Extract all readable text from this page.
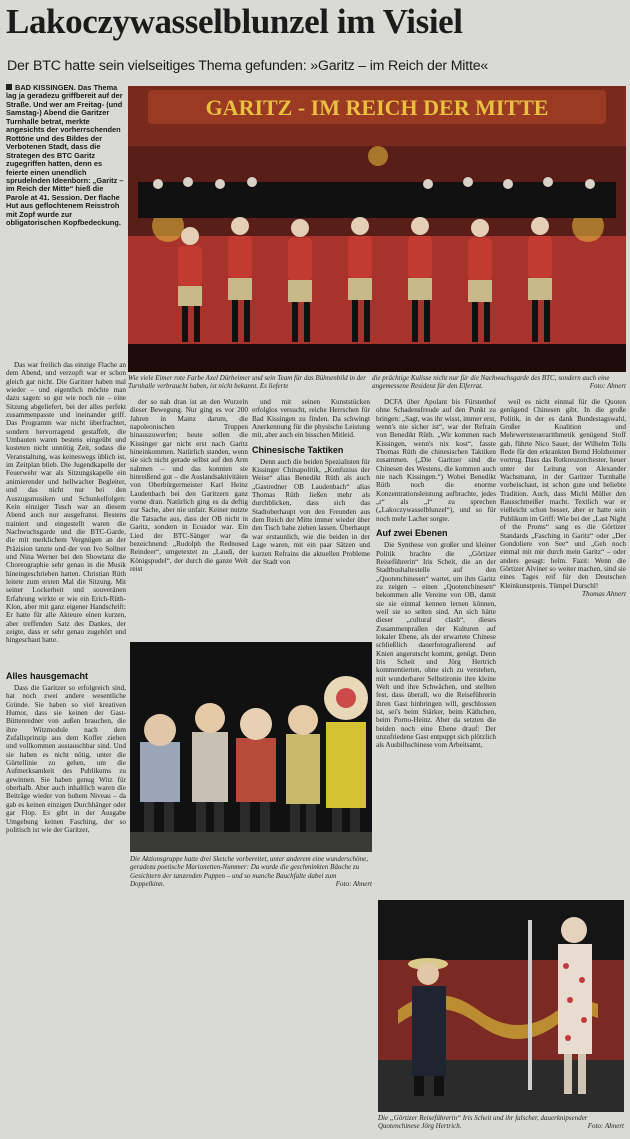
Lakoczywasselblunzel im Visiel
Der BTC hatte sein vielseitiges Thema gefunden: »Garitz – im Reich der Mitte«
BAD KISSINGEN. Das Thema lag ja geradezu griffbereit auf der Straße. Und wer am Freitag- (und Samstag-) Abend die Garitzer Turnhalle betrat, merkte angesichts der vorherrschenden Rottöne und des Bildes der Verbotenen Stadt, dass die Strategen des BTC Garitz zugegriffen hatten, denn es feierte einen unendlich sprudelnden Ideenborn: „Garitz – im Reich der Mitte“ hieß die Parole at 41. Session. Der flache Hut aus geflochtenem Reisstroh mit Zopf wurde zur obligatorischen Kopfbedeckung.
GARITZ - IM REICH DER MITTE
Wie viele Eimer rote Farbe Axel Dürheimer und sein Team für das Bühnenbild in der Turnhalle verbraucht haben, ist nicht bekannt. Es lieferte
die prächtige Kulisse nicht nur für die Nachwuchsgarde des BTC, sondern auch eine angemessene Residenz für den Elferrat.	Foto: Ahnert

Das war freilich das einzige Flache an dem Abend, und verzopft war er schon gleich gar nicht. Die Garitzer haben mal wieder – und eigentlich möchte man dazu sagen: so gut wie noch nie – eine Sitzung abgeliefert, bei der alles perfekt zusammenpasste und ineinander griff. Das Programm war nicht überfrachtet, sondern hervorragend gestaffelt, die Umbauten waren bestens eingeübt und kosteten nicht unnötig Zeit, sodass die Veranstaltung, was keineswegs üblich ist, im Zeitplan blieb. Die Jugendkapelle der Feuerwehr war als Sitzungskapelle ein animierender und hellwacher Begleiter, und das nicht nur bei den Auszugsmusiken und Schunkelfolgen: Kein einziger Tusch war an diesem Abend auch nur ausgefranst. Bestens trainiert und eingestellt waren die Nachwuchsgarde und die BTC-Garde, die mit merklichem Vergnügen an der Präzision tanzte und der von Ivo Sollner und Nina Werner bei den Showtanz die Choreographie sehr genau in die Musik hineingeschrieben hatten. Christian Rüth leitete zum ersten Mal die Sitzung. Mit seiner Lockerheit und souveränen Erfahrung wirkte er wie ein Erich-Rüth-Klon, aber mit ganz eigener Handschrift: Er hatte für alle Akteure einen kurzen, aber treffenden Satz des Dankes, der zeigte, dass er sehr genau zugehört und hingeschaut hatte.

Alles hausgemacht

Dass die Garitzer so erfolgreich sind, hat noch zwei andere wesentliche Gründe. Sie haben so viel kreativen Humor, dass sie keinen der Gast-Büttenredner von außen brauchen, die ihre Witzmodule nach dem Zufallsprinzip aus dem Koffer ziehen und vollkommen austauschbar sind. Und sie haben es nicht nötig, unter die Gürtellinie zu gehen, um die Aufmerksamkeit des Publikums zu gewinnen. Sie haben genug Witz für oberhalb. Aber auch inhaltlich waren die Beiträge wieder von hohem Niveau – da gab es keinen einzigen Durchhänger oder gar Flop. Es gibt in der Ausgabe Umgebung keinen Fasching, der so politisch ist wie der Garitzer,

der so nah dran ist an den Wurzeln dieser Bewegung. Nur ging es vor 200 Jahren in Mainz darum, die napoleonischen Truppen hinauszuwerfen; heute sollen die Kissinger gar nicht erst nach Garitz hineinkommen. Natürlich standen, wenn sie sich nicht gerade selbst auf den Arm nahmen – und das konnten sie hinreißend gut – die Auslandsaktivitäten von Oberbürgermeister Karl Heinz Laudenbach bei den Garitzern ganz vorne dran. Natürlich ging es da deftig zur Sache, aber nie unfair. Keiner nutzte die Tatsache aus, dass der OB nicht in Garitz, sondern in Ecuador war. Ein Lied der BTC-Sänger war da bezeichnend: „Rudolph the Rednosed Reindeer“, umgetextet zu „Laudi, der Königspudel“, der durch die ganze Welt reist

und mit seinen Kunststücken erfolglos versucht, reiche Herrschen für Bad Kissingen zu finden. Da schwingt Anerkennung für die physische Leistung mit, aber auch ein bisschen Mitleid.

Chinesische Taktiken

Denn auch die beiden Spezialisten für Kissinger Chinapolitik, „Konfuzius der Weise“ alias Benedikt Rüth als auch „Gastredner OB Laudenbach“ alias Thomas Rüth ließen mehr als durchblicken, dass sich das Stadtoberhaupt von den Freunden aus dem Reich der Mitte immer wieder über den Tisch habe ziehen lassen. Überhaupt war erstaunlich, wie die beiden in der Lage waren, mit ein paar Sätzen und kurzen Refrains die aktuellen Probleme der Stadt von

Die Aktionsgruppe hatte drei Sketche vorbereitet, unter anderem eine wunderschöne, geradezu poetische Marionetten-Nummer: Da wurde die geschminkten Bäuche zu Gesichtern der tanzenden Puppen – und so manche Bauchfalte dabei zum Doppelkinn.	Foto: Ahnert

DCFA über Apolant bis Fürstenhof ohne Schadensfreude auf den Punkt zu bringen: „Sagt, was ihr wisst, immer erst, wenn's nie sicher ist“, war der Refrain von Benedikt Rüth. „Wir kommen nach Kissingen, wenn's nix kost“, fasste Thomas Rüth die chinesischen Taktiken zusammen. („Die Garitzer sind die Chinesen des Westens, die kommen auch nie nach Kissingen.“) Wobei Benedikt Rüth noch die enorme Konzentrationsleistung aufbrachte, jedes „r“ als „l“ zu sprechen („Lakoczywasselblunzel“), und so für noch mehr Lacher sorgte.

Auf zwei Ebenen

Die Synthese von großer und kleiner Politik brachte die „Görtizer Reiseführerin“ Iris Scheit, die an der Stadtbushaltestelle auf den „Quotenchinesen“ wartet, um ihm Garitz zu zeigen – einen „Quotenchinesen“ bekommen alle Vereine von OB, damit sie sie einmal kennen lernen können, weil sie so selten sind. An sich hätte dieser „cultural clash“, dieses Zusammenprallen der Kulturen auf lokaler Ebene, als der erwartete Chinese schließlich dauerfotografierend auf Knien angerutscht kommt, genügt. Denn Iris Scheit und Jörg Hertrich kommentierten, ohne sich zu verstehen, mit wunderbarer Selbstironie ihre kleine Welt und ihre Schwächen, und stellten fest, dass überall, wo die Reiseführerin ihren Gast hinbringen will, geschlossen ist, sei's beim Stärker, beim Käthchen, beim Porno-Heinz. Aber da setzten die beiden noch eine Ebene drauf: Der unzufriedene Gast entpuppt sich plötzlich als Ausbilhschinese vom Arbeitsamt,

weil es nicht einmal für die Quoten genügend Chinesen gibt. In die große Politik, in der es dank Bundestagswahl, Großer Koalition und Mehrwertsteuerarithmetik genügend Stoff gab, führte Nico Sauer, der Wilhelm Tells Rede für den erkrankten Bernd Holzheimer vortrug. Dass das Rotkreuzorchester, heuer unter der Leitung von Alexander Wachsmann, in der Garitzer Turnhalle vorbeischaut, ist schon gute und beliebte Tradition. Auch, dass Michl Müller den Rausschmeißer macht. Textlich war er vielleicht schon besser, aber er hatte sein Publikum im Griff: Wie bei der „Last Night of the Proms“ sang es die Görtizer Standards „Fasching in Garitz“ oder „Der Gondoliere von See“ und „Geh noch einmal mit mir durch mein Garitz“ – oder anders gesagt: helm. Fazit: Wenn die Görtizer Alviner so weiter machen, sind sie eines Tages reif für den Deutschen Kleinkunstpreis. Tümpel Durschl!

Thomas Ahnert
Die „Görtizer Reiseführerin“ Iris Scheit und ihr falscher, dauerknipsender Quotenchinese Jörg Hertrich.	Foto: Ahnert
